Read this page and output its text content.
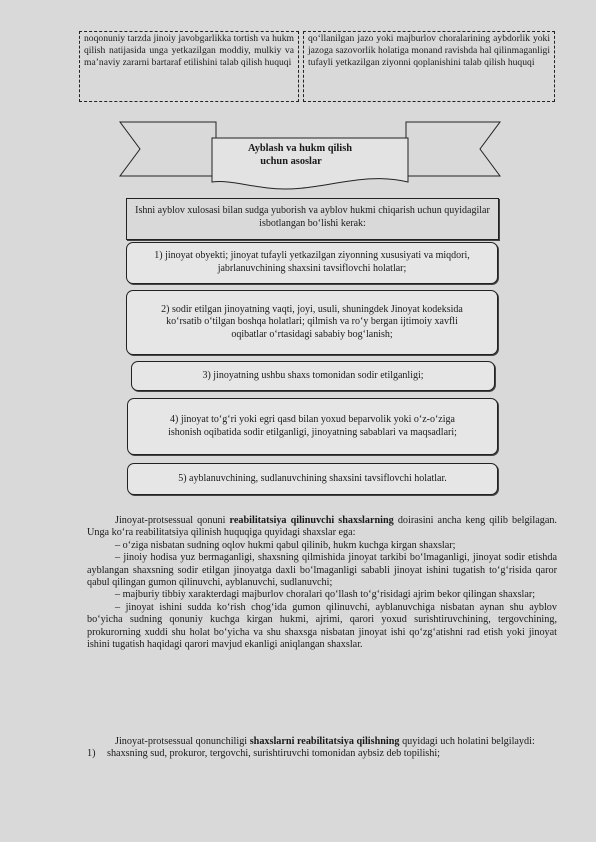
noqonuniy tarzda jinoiy javobgarlikka tortish va hukm qilish natijasida unga yetkazilgan moddiy, mulkiy va ma’naviy zararni bartaraf etilishini talab qilish huquqi
qo‘llanilgan jazo yoki majburlov choralarining aybdorlik yoki jazoga sazovorlik holatiga monand ravishda hal qilinmaganligi tufayli yetkazilgan ziyonni qoplanishini talab qilish huquqi
Ayblash va hukm qilish
uchun asoslar
Ishni ayblov xulosasi bilan sudga yuborish va ayblov hukmi chiqarish uchun quyidagilar isbotlangan bo‘lishi kerak:
1) jinoyat obyekti; jinoyat tufayli yetkazilgan ziyonning xususiyati va miqdori, jabrlanuvchining shaxsini tavsiflovchi holatlar;
2) sodir etilgan jinoyatning vaqti, joyi, usuli, shuningdek Jinoyat kodeksida ko‘rsatib o‘tilgan boshqa holatlari; qilmish va ro‘y bergan ijtimoiy xavfli oqibatlar o‘rtasidagi sababiy bog‘lanish;
3) jinoyatning ushbu shaxs tomonidan sodir etilganligi;
4) jinoyat to‘g‘ri yoki egri qasd bilan yoxud beparvolik yoki o‘z-o‘ziga ishonish oqibatida sodir etilganligi, jinoyatning sabablari va maqsadlari;
5) ayblanuvchining, sudlanuvchining shaxsini tavsiflovchi holatlar.
Jinoyat-protsessual qonuni reabilitatsiya qilinuvchi shaxslarning doirasini ancha keng qilib belgilagan. Unga ko‘ra reabilitatsiya qilinish huquqiga quyidagi shaxslar ega:
– o‘ziga nisbatan sudning oqlov hukmi qabul qilinib, hukm kuchga kirgan shaxslar;
– jinoiy hodisa yuz bermaganligi, shaxsning qilmishida jinoyat tarkibi bo‘lmaganligi, jinoyat sodir etishda ayblangan shaxsning sodir etilgan jinoyatga daxli bo‘lmaganligi sababli jinoyat ishini tugatish to‘g‘risida qaror qabul qilingan gumon qilinuvchi, ayblanuvchi, sudlanuvchi;
– majburiy tibbiy xarakterdagi majburlov choralari qo‘llash to‘g‘risidagi ajrim bekor qilingan shaxslar;
– jinoyat ishini sudda ko‘rish chog‘ida gumon qilinuvchi, ayblanuvchiga nisbatan aynan shu ayblov bo‘yicha sudning qonuniy kuchga kirgan hukmi, ajrimi, qarori yoxud surishtiruvchining, tergovchining, prokurorning xuddi shu holat bo‘yicha va shu shaxsga nisbatan jinoyat ishi qo‘zg‘atishni rad etish yoki jinoyat ishini tugatish haqidagi qarori mavjud ekanligi aniqlangan shaxslar.
Jinoyat-protsessual qonunchiligi shaxslarni reabilitatsiya qilishning quyidagi uch holatini belgilaydi:
1) shaxsning sud, prokuror, tergovchi, surishtiruvchi tomonidan aybsiz deb topilishi;
